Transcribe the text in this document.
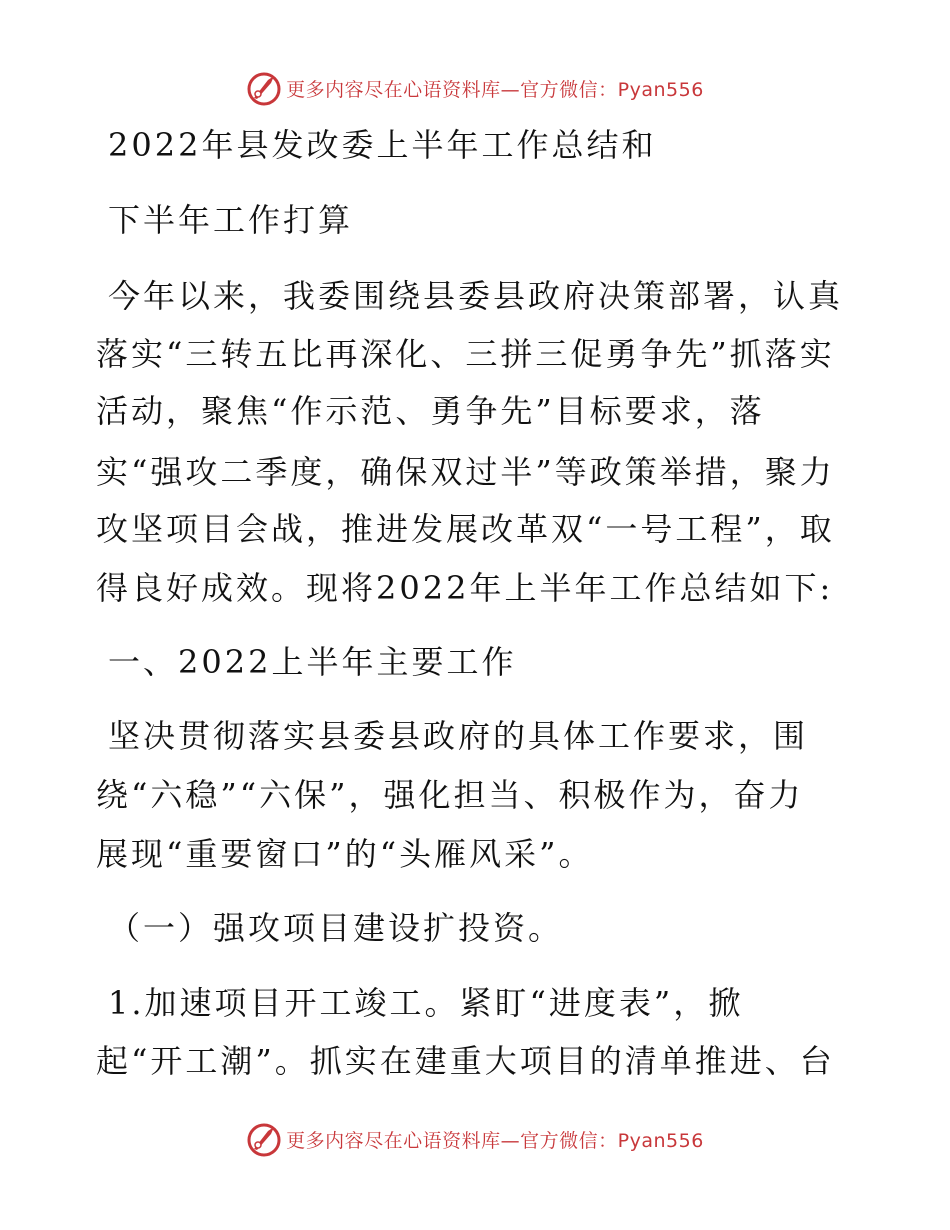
更多内容尽在心语资料库—官方微信：Pyan556
2022年县发改委上半年工作总结和
下半年工作打算
今年以来，我委围绕县委县政府决策部署，认真
落实“三转五比再深化、三拼三促勇争先”抓落实
活动，聚焦“作示范、勇争先”目标要求，落
实“强攻二季度，确保双过半”等政策举措，聚力
攻坚项目会战，推进发展改革双“一号工程”，取
得良好成效。现将2022年上半年工作总结如下:
一、2022上半年主要工作
坚决贯彻落实县委县政府的具体工作要求，围
绕“六稳”“六保”，强化担当、积极作为，奋力
展现“重要窗口”的“头雁风采”。
（一）强攻项目建设扩投资。
1.加速项目开工竣工。紧盯“进度表”，掀
起“开工潮”。抓实在建重大项目的清单推进、台
更多内容尽在心语资料库—官方微信：Pyan556
